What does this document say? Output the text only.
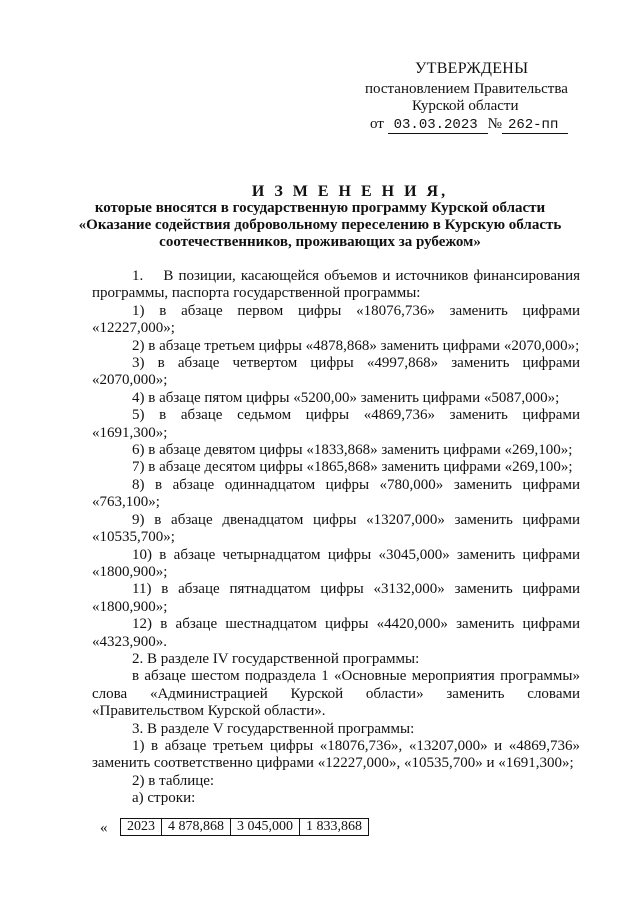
УТВЕРЖДЕНЫ
постановлением Правительства
Курской области
от 03.03.2023 № 262-пп
И З М Е Н Е Н И Я,
которые вносятся в государственную программу Курской области
«Оказание содействия добровольному переселению в Курскую область
соотечественников, проживающих за рубежом»

1.    В позиции, касающейся объемов и источников финансирования программы, паспорта государственной программы:

1) в абзаце первом цифры «18076,736» заменить цифрами «12227,000»;

2) в абзаце третьем цифры «4878,868» заменить цифрами «2070,000»;

3) в абзаце четвертом цифры «4997,868» заменить цифрами «2070,000»;

4) в абзаце пятом цифры «5200,00» заменить цифрами «5087,000»;

5) в абзаце седьмом цифры «4869,736» заменить цифрами «1691,300»;

6) в абзаце девятом цифры «1833,868» заменить цифрами «269,100»;

7) в абзаце десятом цифры «1865,868» заменить цифрами «269,100»;

8) в абзаце одиннадцатом цифры «780,000» заменить цифрами «763,100»;

9) в абзаце двенадцатом цифры «13207,000» заменить цифрами «10535,700»;

10) в абзаце четырнадцатом цифры «3045,000» заменить цифрами «1800,900»;

11) в абзаце пятнадцатом цифры «3132,000» заменить цифрами «1800,900»;

12) в абзаце шестнадцатом цифры «4420,000» заменить цифрами «4323,900».

2. В разделе IV государственной программы:

в абзаце шестом подраздела 1 «Основные мероприятия программы» слова «Администрацией Курской области» заменить словами «Правительством Курской области».

3. В разделе V государственной программы:

1) в абзаце третьем цифры «18076,736», «13207,000» и «4869,736» заменить соответственно цифрами «12227,000», «10535,700» и «1691,300»;

2) в таблице:

а) строки:

« 2023	4 878,868	3 045,000	1 833,868
